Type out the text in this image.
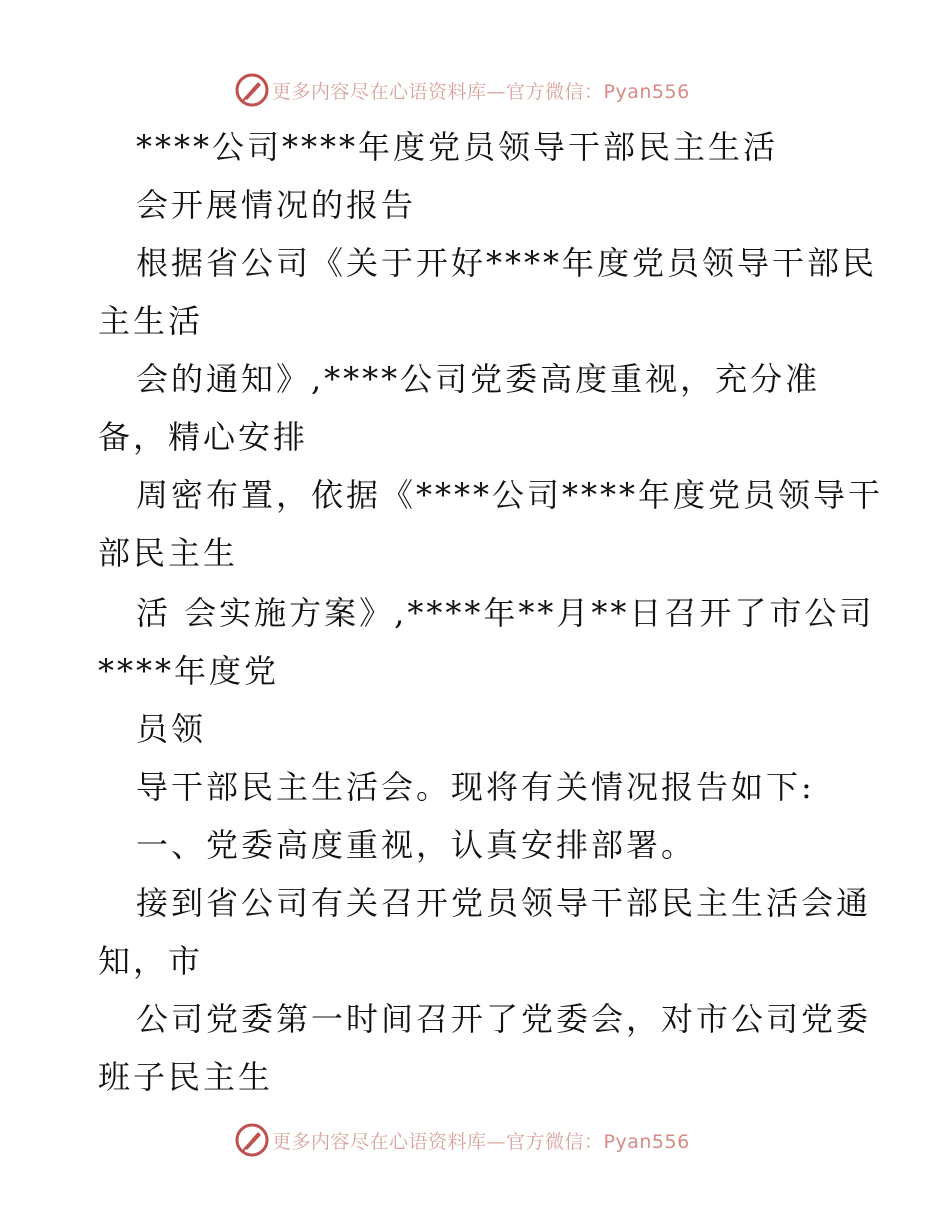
更多内容尽在心语资料库—官方微信：Pyan556
****公司****年度党员领导干部民主生活
会开展情况的报告
根据省公司《关于开好****年度党员领导干部民
主生活
会的通知》,****公司党委高度重视，充分准
备，精心安排
周密布置，依据《****公司****年度党员领导干
部民主生
活 会实施方案》,****年**月**日召开了市公司
****年度党
员领
导干部民主生活会。现将有关情况报告如下:
一、党委高度重视，认真安排部署。
接到省公司有关召开党员领导干部民主生活会通
知，市
公司党委第一时间召开了党委会，对市公司党委
班子民主生
更多内容尽在心语资料库—官方微信：Pyan556
